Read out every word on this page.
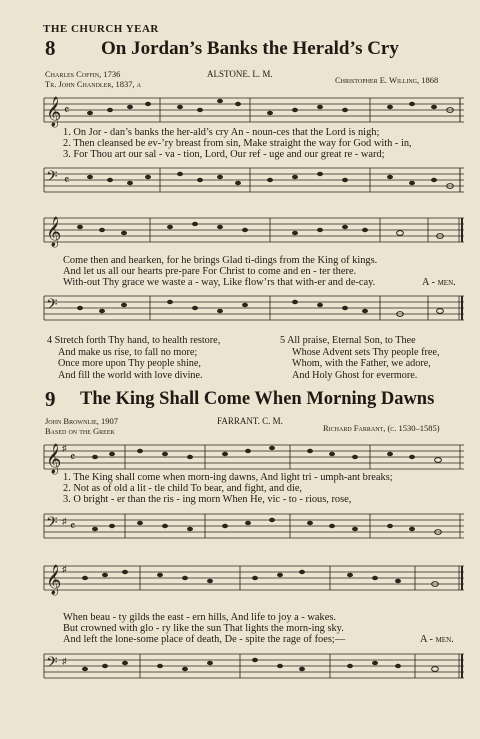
THE CHURCH YEAR
8 On Jordan’s Banks the Herald’s Cry
Charles Coffin, 1736
Tr. John Chandler, 1837, a
ALSTONE. L. M.
Christopher E. Willing, 1868
𝄞 𝄴
1. On Jor - dan’s banks the her-ald’s cry An - noun-ces that the Lord is nigh;
2. Then cleansed be ev-’ry breast from sin, Make straight the way for God with - in,
3. For Thou art our sal - va - tion, Lord, Our ref - uge and our great re - ward;
𝄢 𝄴
𝄞
Come then and hearken, for he brings Glad ti-dings from the King of kings.
And let us all our hearts pre-pare For Christ to come and en - ter there.
With-out Thy grace we waste a - way, Like flow’rs that with-er and de-cay.	A - men.
𝄢
4 Stretch forth Thy hand, to health restore,
And make us rise, to fall no more;
Once more upon Thy people shine,
And fill the world with love divine.
5 All praise, Eternal Son, to Thee
Whose Advent sets Thy people free,
Whom, with the Father, we adore,
And Holy Ghost for evermore.
9 The King Shall Come When Morning Dawns
John Brownlie, 1907
Based on the Greek
FARRANT. C. M.
Richard Farrant, (c. 1530–1585)
𝄞 ♯
𝄴
1. The King shall come when morn-ing dawns, And light tri - umph-ant breaks;
2. Not as of old a lit - tle child To bear, and fight, and die,
3. O bright - er than the ris - ing morn When He, vic - to - rious, rose,
𝄢 ♯ 𝄴
𝄞 ♯
When beau - ty gilds the east - ern hills, And life to joy a - wakes.
But crowned with glo - ry like the sun That lights the morn-ing sky.
And left the lone-some place of death, De - spite the rage of foes;—	A - men.
𝄢 ♯
